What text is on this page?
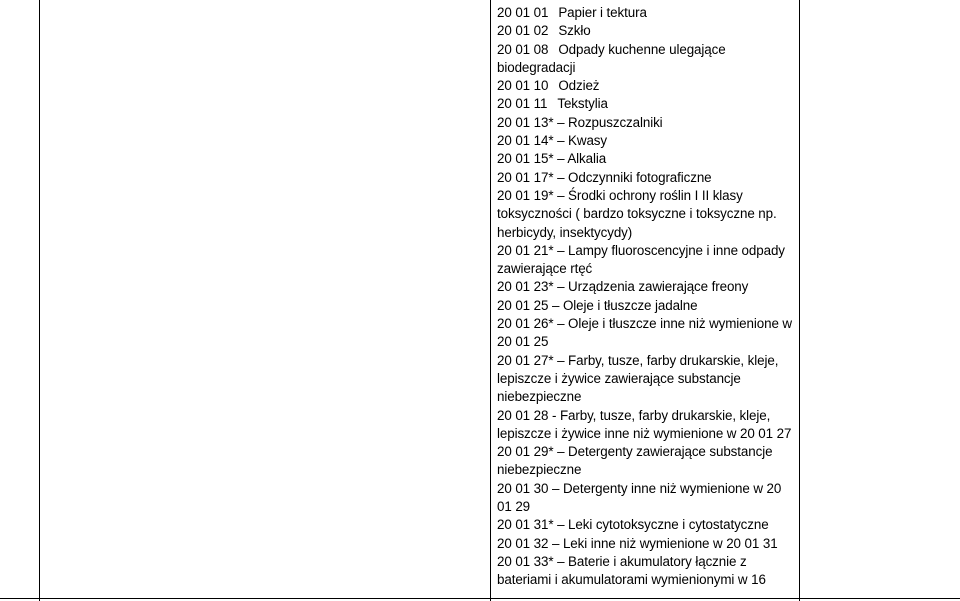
20 01 01 Papier i tektura

20 01 02 Szkło

20 01 08 Odpady kuchenne ulegające biodegradacji

20 01 10 Odzież

20 01 11 Tekstylia

20 01 13* – Rozpuszczalniki

20 01 14* – Kwasy

20 01 15* – Alkalia

20 01 17* – Odczynniki fotograficzne

20 01 19* – Środki ochrony roślin I II klasy toksyczności ( bardzo toksyczne i toksyczne np. herbicydy, insektycydy)

20 01 21* – Lampy fluoroscencyjne i inne odpady zawierające rtęć

20 01 23* – Urządzenia zawierające freony

20 01 25 – Oleje i tłuszcze jadalne

20 01 26* – Oleje i tłuszcze inne niż wymienione w 20 01 25

20 01 27* – Farby, tusze, farby drukarskie, kleje, lepiszcze i żywice zawierające substancje niebezpieczne

20 01 28 - Farby, tusze, farby drukarskie, kleje, lepiszcze i żywice inne niż wymienione w 20 01 27

20 01 29* – Detergenty zawierające substancje niebezpieczne

20 01 30 – Detergenty inne niż wymienione w 20 01 29

20 01 31* – Leki cytotoksyczne i cytostatyczne

20 01 32 – Leki inne niż wymienione w 20 01 31

20 01 33* – Baterie i akumulatory łącznie z bateriami i akumulatorami wymienionymi w 16
